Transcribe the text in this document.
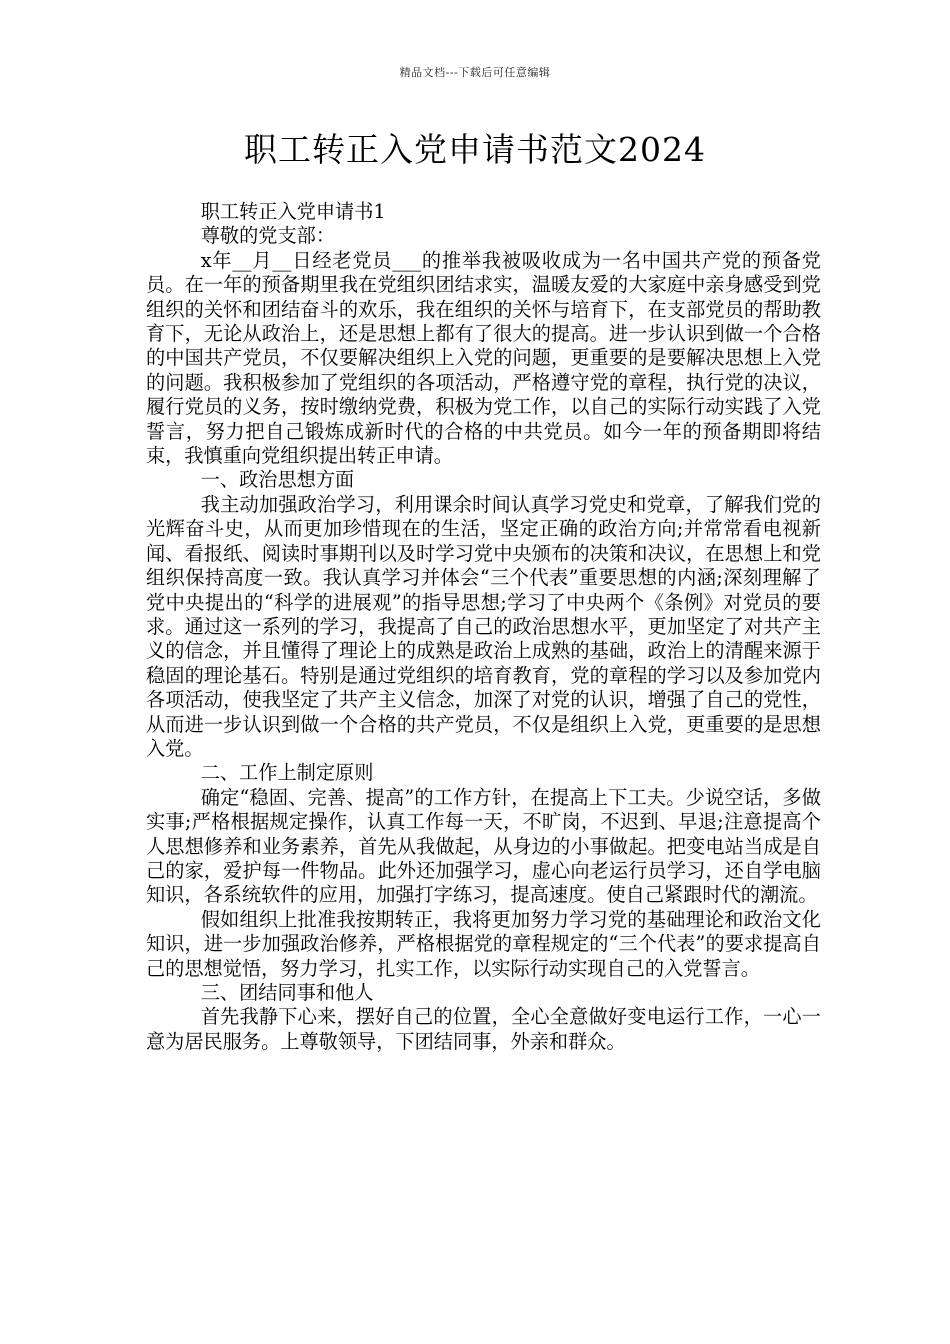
精品文档---下载后可任意编辑
职工转正入党申请书范文2024

职工转正入党申请书1

尊敬的党支部：

x年__月__日经老党员___的推举我被吸收成为一名中国共产党的预备党员。在一年的预备期里我在党组织团结求实，温暖友爱的大家庭中亲身感受到党组织的关怀和团结奋斗的欢乐，我在组织的关怀与培育下，在支部党员的帮助教育下，无论从政治上，还是思想上都有了很大的提高。进一步认识到做一个合格的中国共产党员，不仅要解决组织上入党的问题，更重要的是要解决思想上入党的问题。我积极参加了党组织的各项活动，严格遵守党的章程，执行党的决议，履行党员的义务，按时缴纳党费，积极为党工作，以自己的实际行动实践了入党誓言，努力把自己锻炼成新时代的合格的中共党员。如今一年的预备期即将结束，我慎重向党组织提出转正申请。

一、政治思想方面

我主动加强政治学习，利用课余时间认真学习党史和党章，了解我们党的光辉奋斗史，从而更加珍惜现在的生活，坚定正确的政治方向;并常常看电视新闻、看报纸、阅读时事期刊以及时学习党中央颁布的决策和决议，在思想上和党组织保持高度一致。我认真学习并体会“三个代表”重要思想的内涵;深刻理解了党中央提出的“科学的进展观”的指导思想;学习了中央两个《条例》对党员的要求。通过这一系列的学习，我提高了自己的政治思想水平，更加坚定了对共产主义的信念，并且懂得了理论上的成熟是政治上成熟的基础，政治上的清醒来源于稳固的理论基石。特别是通过党组织的培育教育，党的章程的学习以及参加党内各项活动，使我坚定了共产主义信念，加深了对党的认识，增强了自己的党性，从而进一步认识到做一个合格的共产党员，不仅是组织上入党，更重要的是思想入党。

二、工作上制定原则

确定“稳固、完善、提高”的工作方针，在提高上下工夫。少说空话，多做实事;严格根据规定操作，认真工作每一天，不旷岗，不迟到、早退;注意提高个人思想修养和业务素养，首先从我做起，从身边的小事做起。把变电站当成是自己的家，爱护每一件物品。此外还加强学习，虚心向老运行员学习，还自学电脑知识，各系统软件的应用，加强打字练习，提高速度。使自己紧跟时代的潮流。

假如组织上批准我按期转正，我将更加努力学习党的基础理论和政治文化知识，进一步加强政治修养，严格根据党的章程规定的“三个代表”的要求提高自己的思想觉悟，努力学习，扎实工作，以实际行动实现自己的入党誓言。

三、团结同事和他人

首先我静下心来，摆好自己的位置，全心全意做好变电运行工作，一心一意为居民服务。上尊敬领导，下团结同事，外亲和群众。
